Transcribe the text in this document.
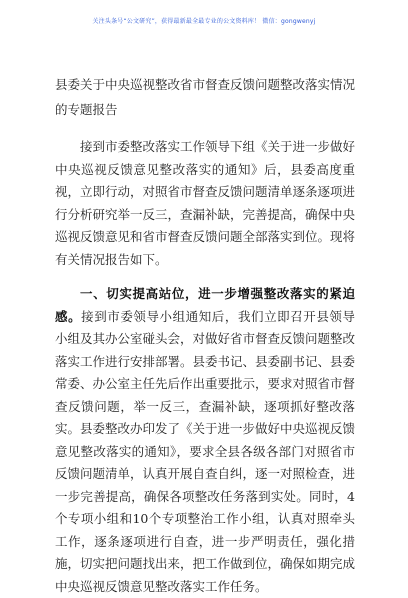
关注头条号“公文研究”，获得最新最全最专业的公文资料库！ 微信：gongwenyj
县委关于中央巡视整改省市督查反馈问题整改落实情况的专题报告

接到市委整改落实工作领导下组《关于进一步做好中央巡视反馈意见整改落实的通知》后，县委高度重视，立即行动，对照省市督查反馈问题清单逐条逐项进行分析研究举一反三，查漏补缺，完善提高，确保中央巡视反馈意见和省市督查反馈问题全部落实到位。现将有关情况报告如下。

一、切实提高站位，进一步增强整改落实的紧迫感。接到市委领导小组通知后，我们立即召开县领导小组及其办公室碰头会，对做好省市督查反馈问题整改落实工作进行安排部署。县委书记、县委副书记、县委常委、办公室主任先后作出重要批示，要求对照省市督查反馈问题，举一反三，查漏补缺，逐项抓好整改落实。县委整改办印发了《关于进一步做好中央巡视反馈意见整改落实的通知》，要求全县各级各部门对照省市反馈问题清单，认真开展自查自纠，逐一对照检查，进一步完善提高，确保各项整改任务落到实处。同时，4个专项小组和10个专项整治工作小组，认真对照牵头工作，逐条逐项进行自查，进一步严明责任，强化措施，切实把问题找出来，把工作做到位，确保如期完成中央巡视反馈意见整改落实工作任务。
